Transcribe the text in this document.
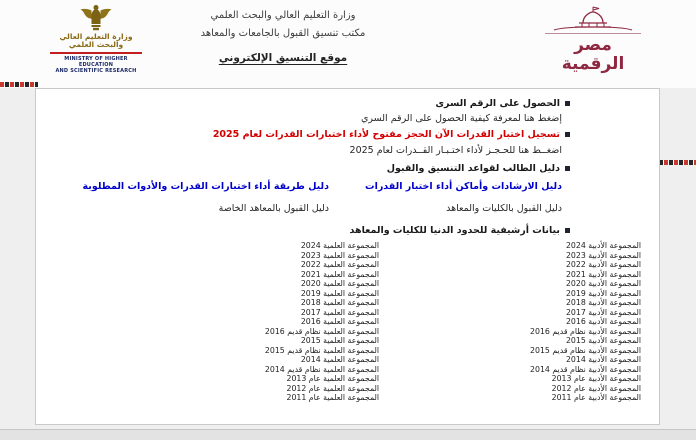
وزارة التعليم العالي والبحث العلمي
MINISTRY OF HIGHER EDUCATION
AND SCIENTIFIC RESEARCH
وزارة التعليم العالي والبحث العلمي
مكتب تنسيق القبول بالجامعات والمعاهد
موقع التنسيق الإلكتروني
مصر الرقمية
الحصول على الرقم السرى
إضغط هنا لمعرفة كيفية الحصول على الرقم السري
تسجيل اختبار القدرات الآن الحجز مفتوح لأداء اختبارات القدرات لعام 2025
اضغــط هنا للحـجـز لأداء اختـبـار القــدرات لعام 2025
دليل الطالب لقواعد التنسيق والقبول
دليل الارشادات وأماكن أداء اختبار القدرات
دليل القبول بالكليات والمعاهد
دليل طريقة أداء اختبارات القدرات والأدوات المطلوبة
دليل القبول بالمعاهد الخاصة
بيانات أرشيفية للحدود الدنيا للكليات والمعاهد
المجموعة الأدبية 2024
المجموعة الأدبية 2023
المجموعة الأدبية 2022
المجموعة الأدبية 2021
المجموعة الأدبية 2020
المجموعة الأدبية 2019
المجموعة الأدبية 2018
المجموعة الأدبية 2017
المجموعة الأدبية 2016
المجموعة الأدبية نظام قديم 2016
المجموعة الأدبية 2015
المجموعة الأدبية نظام قديم 2015
المجموعة الأدبية 2014
المجموعة الأدبية نظام قديم 2014
المجموعة الأدبية عام 2013
المجموعة الأدبية عام 2012
المجموعة الأدبية عام 2011
المجموعة العلمية 2024
المجموعة العلمية 2023
المجموعة العلمية 2022
المجموعة العلمية 2021
المجموعة العلمية 2020
المجموعة العلمية 2019
المجموعة العلمية 2018
المجموعة العلمية 2017
المجموعة العلمية 2016
المجموعة العلمية نظام قديم 2016
المجموعة العلمية 2015
المجموعة العلمية نظام قديم 2015
المجموعة العلمية 2014
المجموعة العلمية نظام قديم 2014
المجموعة العلمية عام 2013
المجموعة العلمية عام 2012
المجموعة العلمية عام 2011
